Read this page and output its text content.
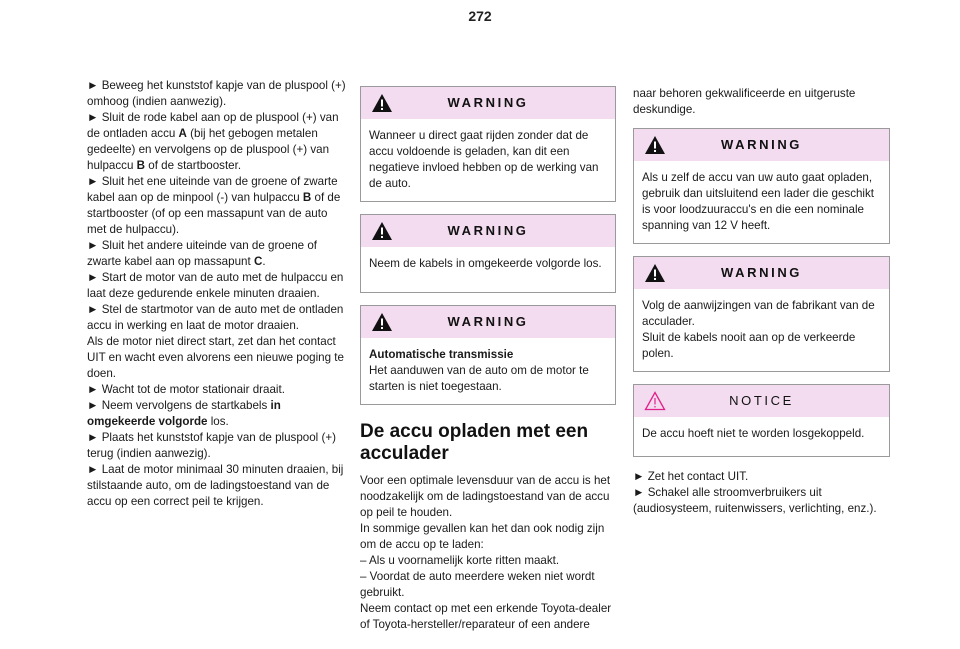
272

► Beweeg het kunststof kapje van de pluspool (+) omhoog (indien aanwezig).

► Sluit de rode kabel aan op de pluspool (+) van de ontladen accu A (bij het gebogen metalen gedeelte) en vervolgens op de pluspool (+) van hulpaccu B of de startbooster.

► Sluit het ene uiteinde van de groene of zwarte kabel aan op de minpool (-) van hulpaccu B of de startbooster (of op een massapunt van de auto met de hulpaccu).

► Sluit het andere uiteinde van de groene of zwarte kabel aan op massapunt C.

► Start de motor van de auto met de hulpaccu en laat deze gedurende enkele minuten draaien.

► Stel de startmotor van de auto met de ontladen accu in werking en laat de motor draaien.

Als de motor niet direct start, zet dan het contact UIT en wacht even alvorens een nieuwe poging te doen.

► Wacht tot de motor stationair draait.

► Neem vervolgens de startkabels in omgekeerde volgorde los.

► Plaats het kunststof kapje van de pluspool (+) terug (indien aanwezig).

► Laat de motor minimaal 30 minuten draaien, bij stilstaande auto, om de ladingstoestand van de accu op een correct peil te krijgen.

WARNING
Wanneer u direct gaat rijden zonder dat de accu voldoende is geladen, kan dit een negatieve invloed hebben op de werking van de auto.
WARNING
Neem de kabels in omgekeerde volgorde los.
WARNING
Automatische transmissie
Het aanduwen van de auto om de motor te starten is niet toegestaan.
De accu opladen met een acculader

Voor een optimale levensduur van de accu is het noodzakelijk om de ladingstoestand van de accu op peil te houden.

In sommige gevallen kan het dan ook nodig zijn om de accu op te laden:

– Als u voornamelijk korte ritten maakt.

– Voordat de auto meerdere weken niet wordt gebruikt.

Neem contact op met een erkende Toyota-dealer of Toyota-hersteller/reparateur of een andere

naar behoren gekwalificeerde en uitgeruste deskundige.

WARNING
Als u zelf de accu van uw auto gaat opladen, gebruik dan uitsluitend een lader die geschikt is voor loodzuuraccu's en die een nominale spanning van 12 V heeft.
WARNING
Volg de aanwijzingen van de fabrikant van de acculader.
Sluit de kabels nooit aan op de verkeerde polen.
NOTICE
De accu hoeft niet te worden losgekoppeld.

► Zet het contact UIT.

► Schakel alle stroomverbruikers uit (audiosysteem, ruitenwissers, verlichting, enz.).
